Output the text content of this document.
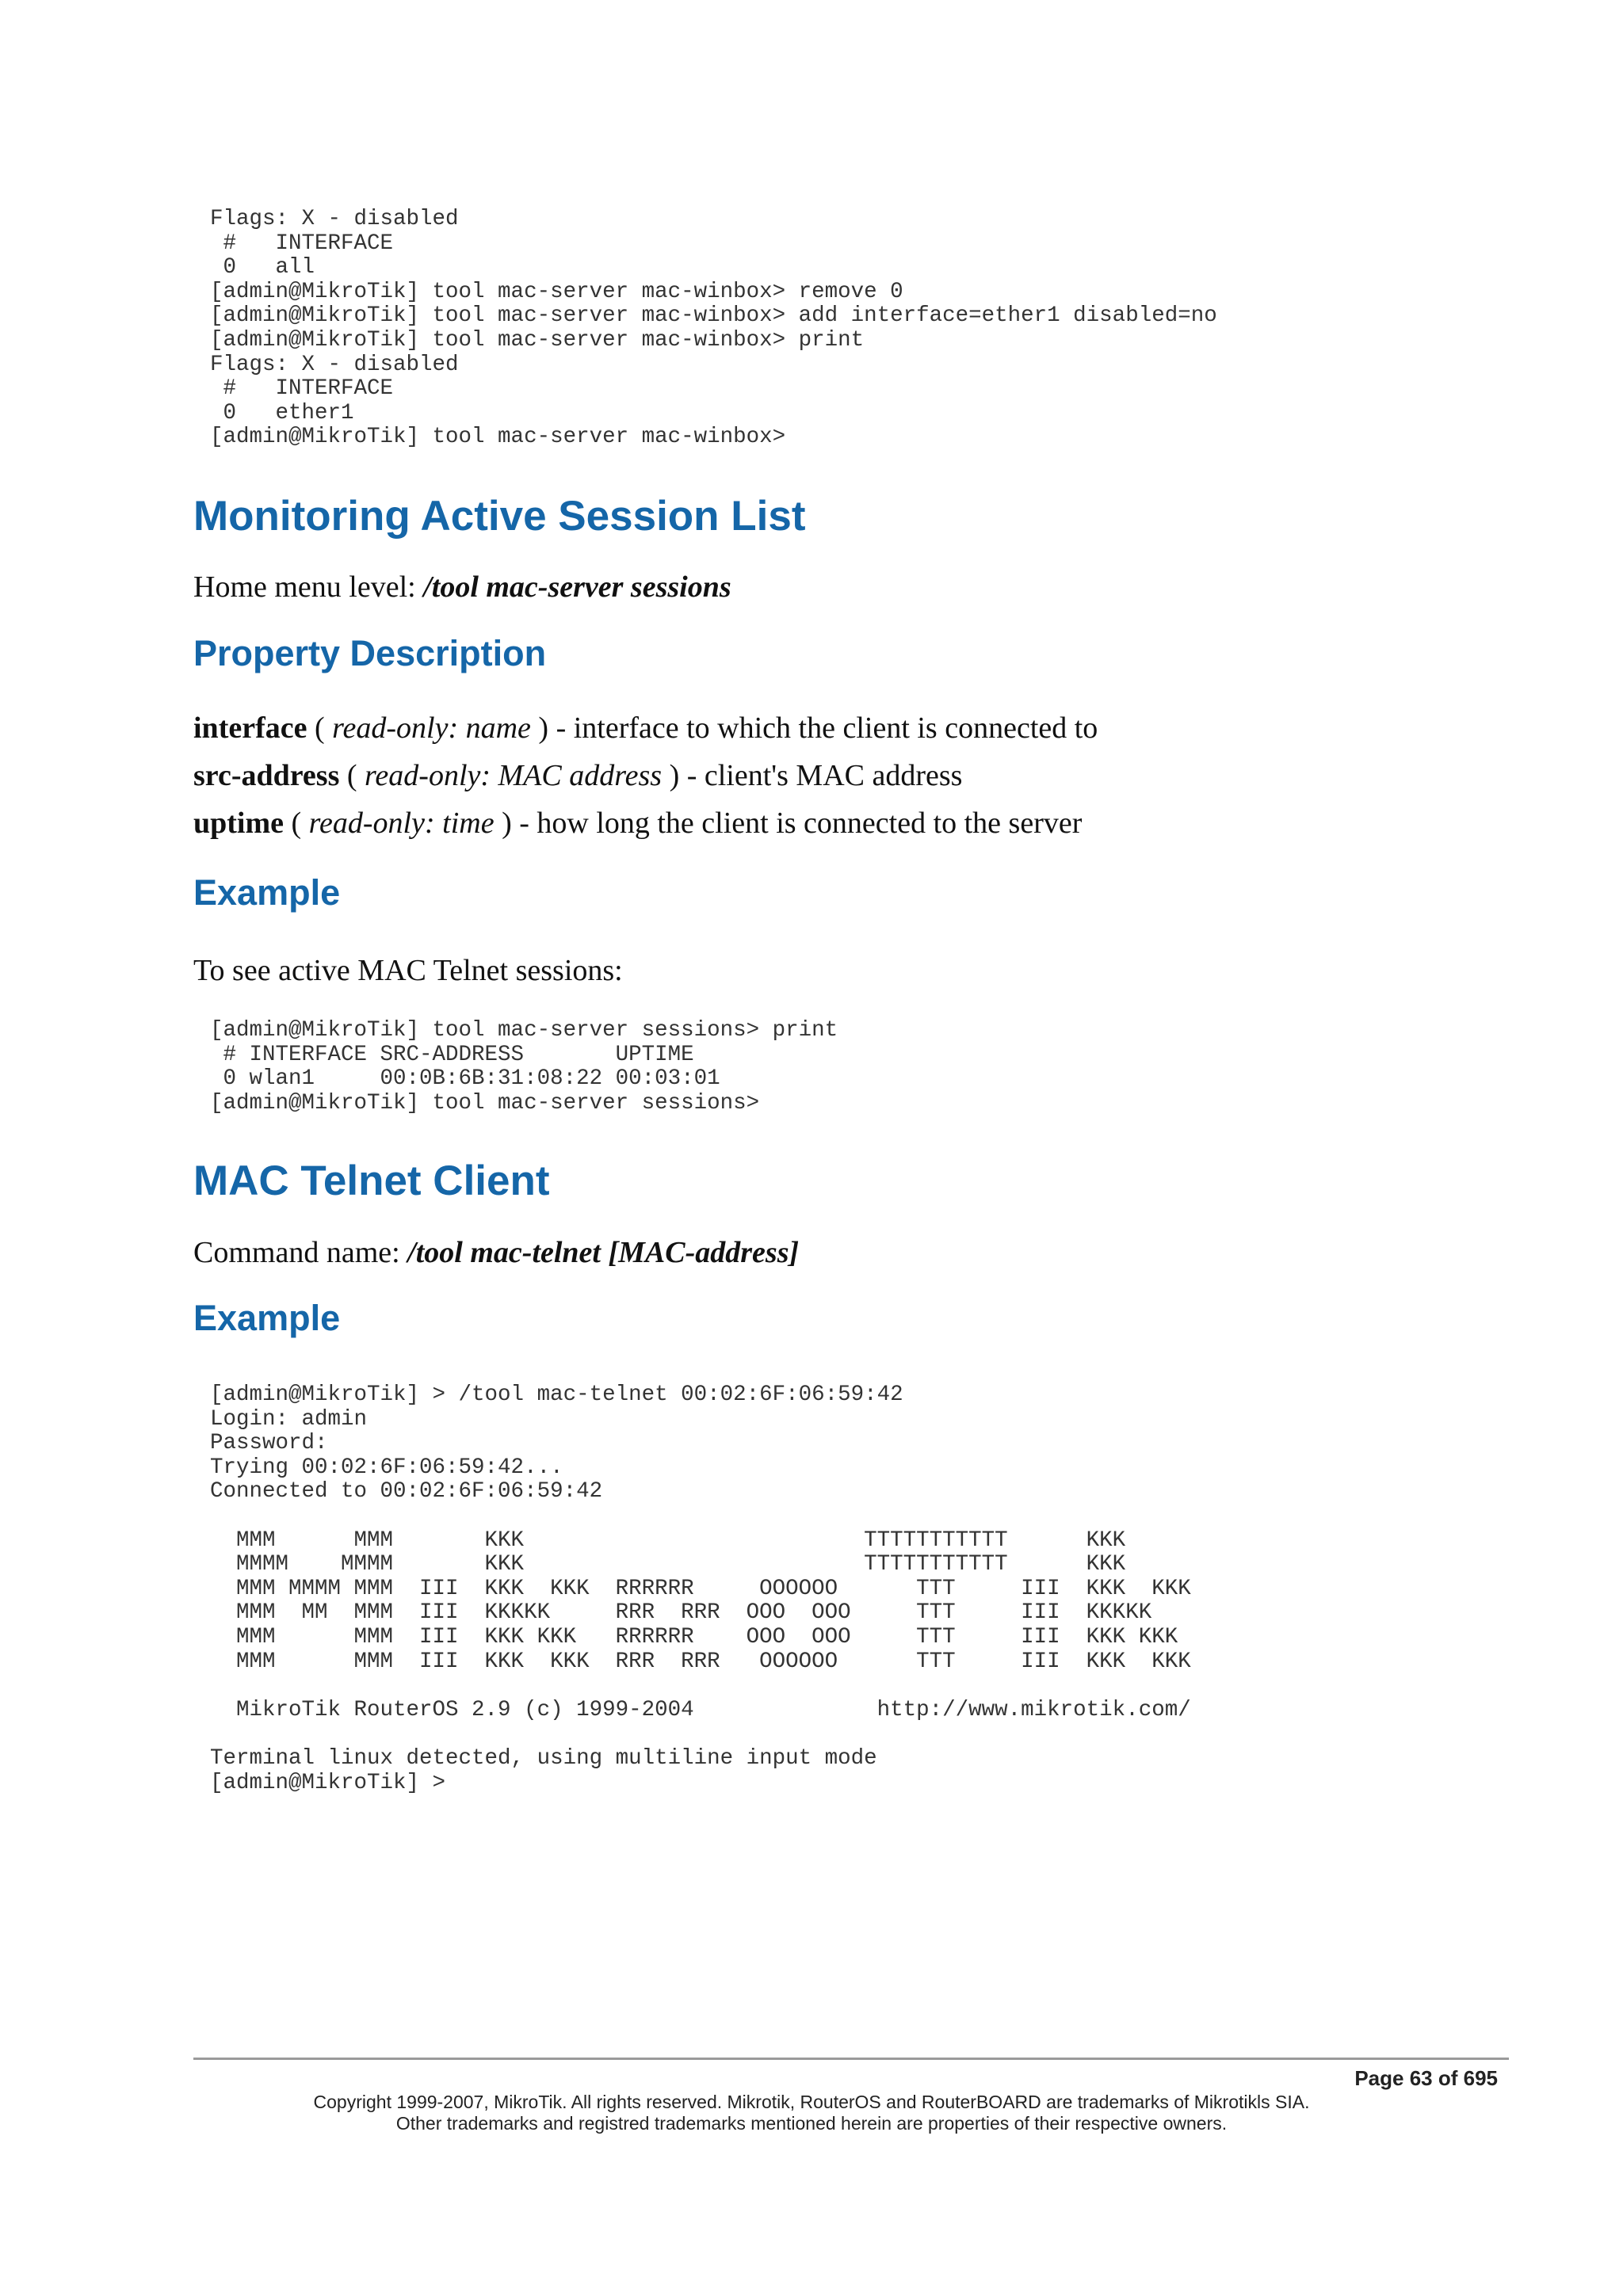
Flags: X - disabled
#   INTERFACE
0   all
[admin@MikroTik] tool mac-server mac-winbox> remove 0
[admin@MikroTik] tool mac-server mac-winbox> add interface=ether1 disabled=no
[admin@MikroTik] tool mac-server mac-winbox> print
Flags: X - disabled
#   INTERFACE
0   ether1
[admin@MikroTik] tool mac-server mac-winbox>
Monitoring Active Session List

Home menu level: /tool mac-server sessions

Property Description

interface ( read-only: name ) - interface to which the client is connected to

src-address ( read-only: MAC address ) - client's MAC address

uptime ( read-only: time ) - how long the client is connected to the server

Example

To see active MAC Telnet sessions:

[admin@MikroTik] tool mac-server sessions> print
# INTERFACE SRC-ADDRESS       UPTIME
0 wlan1     00:0B:6B:31:08:22 00:03:01
[admin@MikroTik] tool mac-server sessions>
MAC Telnet Client

Command name: /tool mac-telnet [MAC-address]

Example
[admin@MikroTik] > /tool mac-telnet 00:02:6F:06:59:42
Login: admin
Password:
Trying 00:02:6F:06:59:42...
Connected to 00:02:6F:06:59:42

MMM      MMM       KKK                          TTTTTTTTTTT      KKK
MMMM    MMMM       KKK                          TTTTTTTTTTT      KKK
MMM MMMM MMM  III  KKK  KKK  RRRRRR     OOOOOO      TTT     III  KKK  KKK
MMM  MM  MMM  III  KKKKK     RRR  RRR  OOO  OOO     TTT     III  KKKKK
MMM      MMM  III  KKK KKK   RRRRRR    OOO  OOO     TTT     III  KKK KKK
MMM      MMM  III  KKK  KKK  RRR  RRR   OOOOOO      TTT     III  KKK  KKK

MikroTik RouterOS 2.9 (c) 1999-2004              http://www.mikrotik.com/

Terminal linux detected, using multiline input mode
[admin@MikroTik] >
Page 63 of 695
Copyright 1999-2007, MikroTik. All rights reserved. Mikrotik, RouterOS and RouterBOARD are trademarks of Mikrotikls SIA.
Other trademarks and registred trademarks mentioned herein are properties of their respective owners.
